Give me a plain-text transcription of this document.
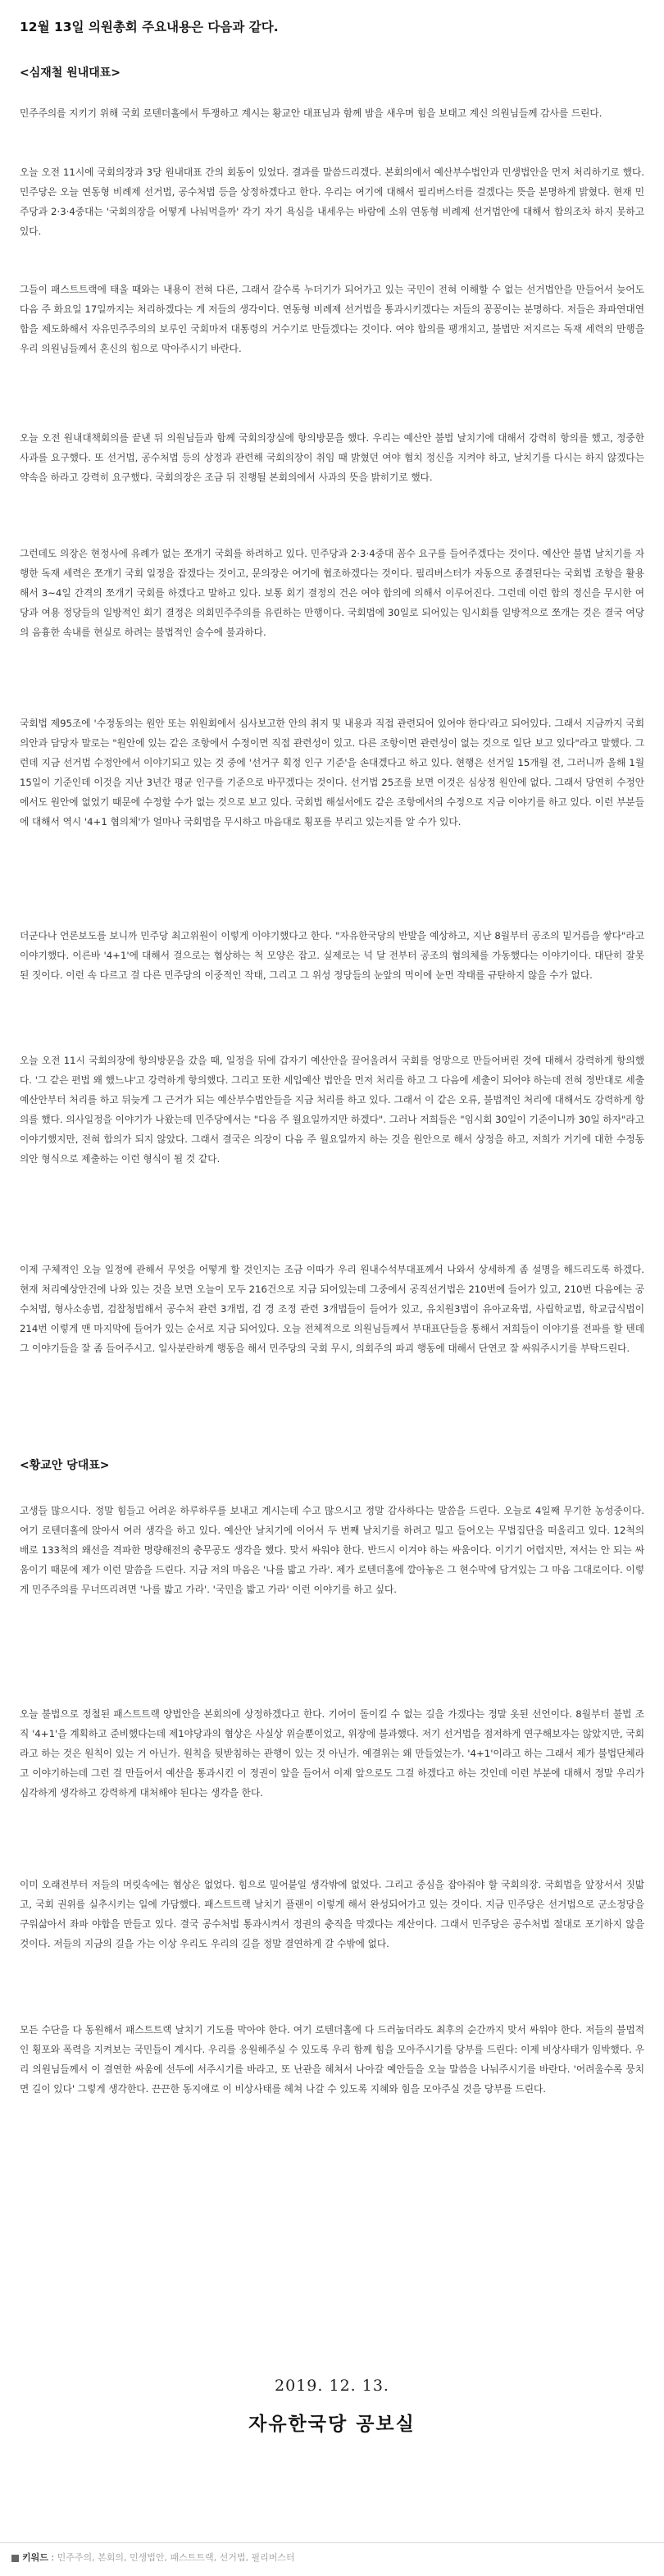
12월 13일 의원총회 주요내용은 다음과 같다.
<심재철 원내대표>

민주주의를 지키기 위해 국회 로텐더홀에서 투쟁하고 계시는 황교안 대표님과 함께 밤을 새우며 힘을 보태고 계신 의원님들께 감사를 드린다.

오늘 오전 11시에 국회의장과 3당 원내대표 간의 회동이 있었다. 결과를 말씀드리겠다. 본회의에서 예산부수법안과 민생법안을 먼저 처리하기로 했다. 민주당은 오늘 연동형 비례제 선거법, 공수처법 등을 상정하겠다고 한다. 우리는 여기에 대해서 필리버스터를 걸겠다는 뜻을 분명하게 밝혔다. 현재 민주당과 2·3·4중대는 '국회의장을 어떻게 나눠먹을까' 각기 자기 욕심을 내세우는 바람에 소위 연동형 비례제 선거법안에 대해서 합의조차 하지 못하고 있다.

그들이 패스트트랙에 태울 때와는 내용이 전혀 다른, 그래서 갈수록 누더기가 되어가고 있는 국민이 전혀 이해할 수 없는 선거법안을 만들어서 늦어도 다음 주 화요일 17일까지는 처리하겠다는 게 저들의 생각이다. 연동형 비례제 선거법을 통과시키겠다는 저들의 꽁꽁이는 분명하다. 저들은 좌파연대연합을 제도화해서 자유민주주의의 보루인 국회마저 대통령의 거수기로 만들겠다는 것이다. 여야 합의를 팽개치고, 불법만 저지르는 독재 세력의 만행을 우리 의원님들께서 혼신의 힘으로 막아주시기 바란다.

오늘 오전 원내대책회의를 끝낸 뒤 의원님들과 함께 국회의장실에 항의방문을 했다. 우리는 예산안 불법 날치기에 대해서 강력히 항의를 했고, 정중한 사과를 요구했다. 또 선거법, 공수처법 등의 상정과 관련해 국회의장이 취임 때 밝혔던 여야 협치 정신을 지켜야 하고, 날치기를 다시는 하지 않겠다는 약속을 하라고 강력히 요구했다. 국회의장은 조금 뒤 진행될 본회의에서 사과의 뜻을 밝히기로 했다.

그런데도 의장은 현정사에 유례가 없는 쪼개기 국회를 하려하고 있다. 민주당과 2·3·4중대 꼼수 요구를 들어주겠다는 것이다. 예산안 불법 날치기를 자행한 독재 세력은 쪼개기 국회 일정을 잡겠다는 것이고, 문의장은 여기에 협조하겠다는 것이다. 필리버스터가 자동으로 종결된다는 국회법 조항을 활용해서 3~4일 간격의 쪼개기 국회를 하겠다고 말하고 있다. 보통 회기 결정의 건은 여야 합의에 의해서 이루어진다. 그런데 이런 합의 정신을 무시한 여당과 여용 정당들의 일방적인 회기 결정은 의회민주주의를 유린하는 만행이다. 국회법에 30일로 되어있는 임시회를 일방적으로 쪼개는 것은 결국 여당의 음흉한 속내를 현실로 하려는 불법적인 술수에 불과하다.

국회법 제95조에 '수정동의는 원안 또는 위원회에서 심사보고한 안의 취지 및 내용과 직접 관련되어 있어야 한다'라고 되어있다. 그래서 지금까지 국회 의안과 담당자 말로는 "원안에 있는 같은 조항에서 수정이면 직접 관련성이 있고. 다른 조항이면 관련성이 없는 것으로 일단 보고 있다"라고 말했다. 그런데 지금 선거법 수정안에서 이야기되고 있는 것 중에 '선거구 획정 인구 기준'을 손대겠다고 하고 있다. 현행은 선거일 15개월 전, 그러니까 올해 1월 15일이 기준인데 이것을 지난 3년간 평균 인구를 기준으로 바꾸겠다는 것이다. 선거법 25조를 보면 이것은 심상정 원안에 없다. 그래서 당연히 수정안에서도 원안에 없었기 때문에 수정할 수가 없는 것으로 보고 있다. 국회법 해설서에도 같은 조항에서의 수정으로 지금 이야기를 하고 있다. 이런 부분들에 대해서 역시 '4+1 협의체'가 얼마나 국회법을 무시하고 마음대로 횡포를 부리고 있는지를 알 수가 있다.

더군다나 언론보도를 보니까 민주당 최고위원이 이렇게 이야기했다고 한다. "자유한국당의 반발을 예상하고, 지난 8월부터 공조의 밑거름을 쌓다"라고 이야기했다. 이른바 '4+1'에 대해서 걸으로는 협상하는 척 모양은 잡고. 실제로는 넉 달 전부터 공조의 협의체를 가동했다는 이야기이다. 대단히 잘못된 짓이다. 이런 속 다르고 걸 다른 민주당의 이중적인 작태, 그리고 그 위성 정당들의 눈앞의 먹이에 눈먼 작태를 규탄하지 않을 수가 없다.

오늘 오전 11시 국회의장에 항의방문을 갔을 때, 일정을 뒤에 갑자기 예산안을 끌어올려서 국회를 엉망으로 만들어버린 것에 대해서 강력하게 항의했다. '그 같은 편법 왜 했느냐'고 강력하게 항의했다. 그리고 또한 세입예산 법안을 먼저 처리를 하고 그 다음에 세출이 되어야 하는데 전혀 정반대로 세출예산안부터 처리를 하고 뒤늦게 그 근거가 되는 예산부수법안들을 지금 처리를 하고 있다. 그래서 이 같은 오류, 불법적인 처리에 대해서도 강력하게 항의를 했다. 의사일정을 이야기가 나왔는데 민주당에서는 "다음 주 월요일까지만 하겠다". 그러나 저희들은 "임시회 30일이 기준이니까 30일 하자"라고 이야기했지만, 전혀 합의가 되지 않았다. 그래서 결국은 의장이 다음 주 월요일까지 하는 것을 원안으로 해서 상정을 하고, 저희가 거기에 대한 수정동의안 형식으로 제출하는 이런 형식이 될 것 같다.

이제 구체적인 오늘 일정에 관해서 무엇을 어떻게 할 것인지는 조금 이따가 우리 원내수석부대표께서 나와서 상세하게 좀 설명을 해드리도록 하겠다. 현재 처리예상안건에 나와 있는 것을 보면 오늘이 모두 216건으로 지금 되어있는데 그중에서 공직선거법은 210번에 들어가 있고, 210번 다음에는 공수처법, 형사소송법, 검찰청법해서 공수처 관련 3개법, 검 경 조정 관련 3개법들이 들어가 있고, 유치원3법이 유아교육법, 사립학교법, 학교급식법이 214번 이렇게 맨 마지막에 들어가 있는 순서로 지금 되어있다. 오늘 전체적으로 의원님들께서 부대표단들을 통해서 저희들이 이야기를 전파를 할 텐데 그 이야기들을 잘 좀 들어주시고. 일사분란하게 행동을 해서 민주당의 국회 무시, 의회주의 파괴 행동에 대해서 단연코 잘 싸워주시기를 부탁드린다.

<황교안 당대표>

고생들 많으시다. 정말 힘들고 어려운 하루하루를 보내고 계시는데 수고 많으시고 정말 감사하다는 말씀을 드린다. 오늘로 4일째 무기한 농성중이다. 여기 로텐더홀에 앉아서 여러 생각을 하고 있다. 예산안 날치기에 이어서 두 번째 날치기를 하려고 밀고 들어오는 무법집단을 떠올리고 있다. 12척의 배로 133척의 왜선을 격파한 명량해전의 충무공도 생각을 했다. 맞서 싸워야 한다. 반드시 이겨야 하는 싸움이다. 이기기 어렵지만, 져서는 안 되는 싸움이기 때문에 제가 이런 말씀을 드린다. 지금 저의 마음은 '나를 밟고 가라'. 제가 로텐더홀에 깔아놓은 그 현수막에 담겨있는 그 마음 그대로이다. 이렇게 민주주의를 무너뜨리려면 '나를 밟고 가라'. '국민을 밟고 가라' 이런 이야기를 하고 싶다.

오늘 불법으로 정철된 패스트트랙 양법안을 본회의에 상정하겠다고 한다. 기어이 돌이킬 수 없는 길을 가겠다는 정말 옷된 선언이다. 8월부터 불법 조직 '4+1'을 계획하고 준비했다는데 제1야당과의 협상은 사실상 위슬뿐이었고, 위장에 불과했다. 저기 선거법을 점저하게 연구해보자는 않았지만, 국회라고 하는 것은 원칙이 있는 거 아닌가. 원칙을 뒷받침하는 관행이 있는 것 아닌가. 예결위는 왜 만들었는가. '4+1'이라고 하는 그래서 제가 불법단체라고 이야기하는데 그런 걸 만들어서 예산을 통과시킨 이 정권이 앞을 들어서 이제 앞으로도 그걸 하겠다고 하는 것인데 이런 부분에 대해서 정말 우리가 심각하게 생각하고 강력하게 대처해야 된다는 생각을 한다.

이미 오래전부터 저들의 머릿속에는 협상은 없었다. 힘으로 밀어붙일 생각밖에 없었다. 그리고 중심을 잡아줘야 할 국회의장. 국회법을 앞장서서 짓밟고, 국회 권위를 실추시키는 일에 가담했다. 패스트트랙 날치기 플랜이 이렇게 해서 완성되어가고 있는 것이다. 지금 민주당은 선거법으로 군소정당을 구워삶아서 좌파 야합을 만들고 있다. 결국 공수처법 통과시켜서 정권의 충직을 막겠다는 계산이다. 그래서 민주당은 공수처법 절대로 포기하지 않을 것이다. 저들의 지금의 길을 가는 이상 우리도 우리의 길을 정말 결연하게 갈 수밖에 없다.

모든 수단을 다 동원해서 패스트트랙 날치기 기도를 막아야 한다. 여기 로텐더홀에 다 드러눕더라도 최후의 순간까지 맞서 싸워야 한다. 저들의 불법적인 횡포와 폭력을 지켜보는 국민들이 계시다. 우리를 응원해주실 수 있도록 우리 함께 힘을 모아주시기를 당부를 드린다: 이제 비상사태가 임박했다. 우리 의원님들께서 이 결연한 싸움에 선두에 서주시기를 바라고, 또 난관을 헤쳐서 나아갈 예안들을 오늘 말씀을 나눠주시기를 바란다. '어려울수록 뭉치면 길이 있다' 그렇게 생각한다. 끈끈한 동지애로 이 비상사태를 헤쳐 나갈 수 있도록 지혜와 힘을 모아주실 것을 당부를 드린다.

2019. 12. 13.
자유한국당 공보실
키워드 : 민주주의, 본회의, 민생법안, 패스트트랙, 선거법, 필리버스터
